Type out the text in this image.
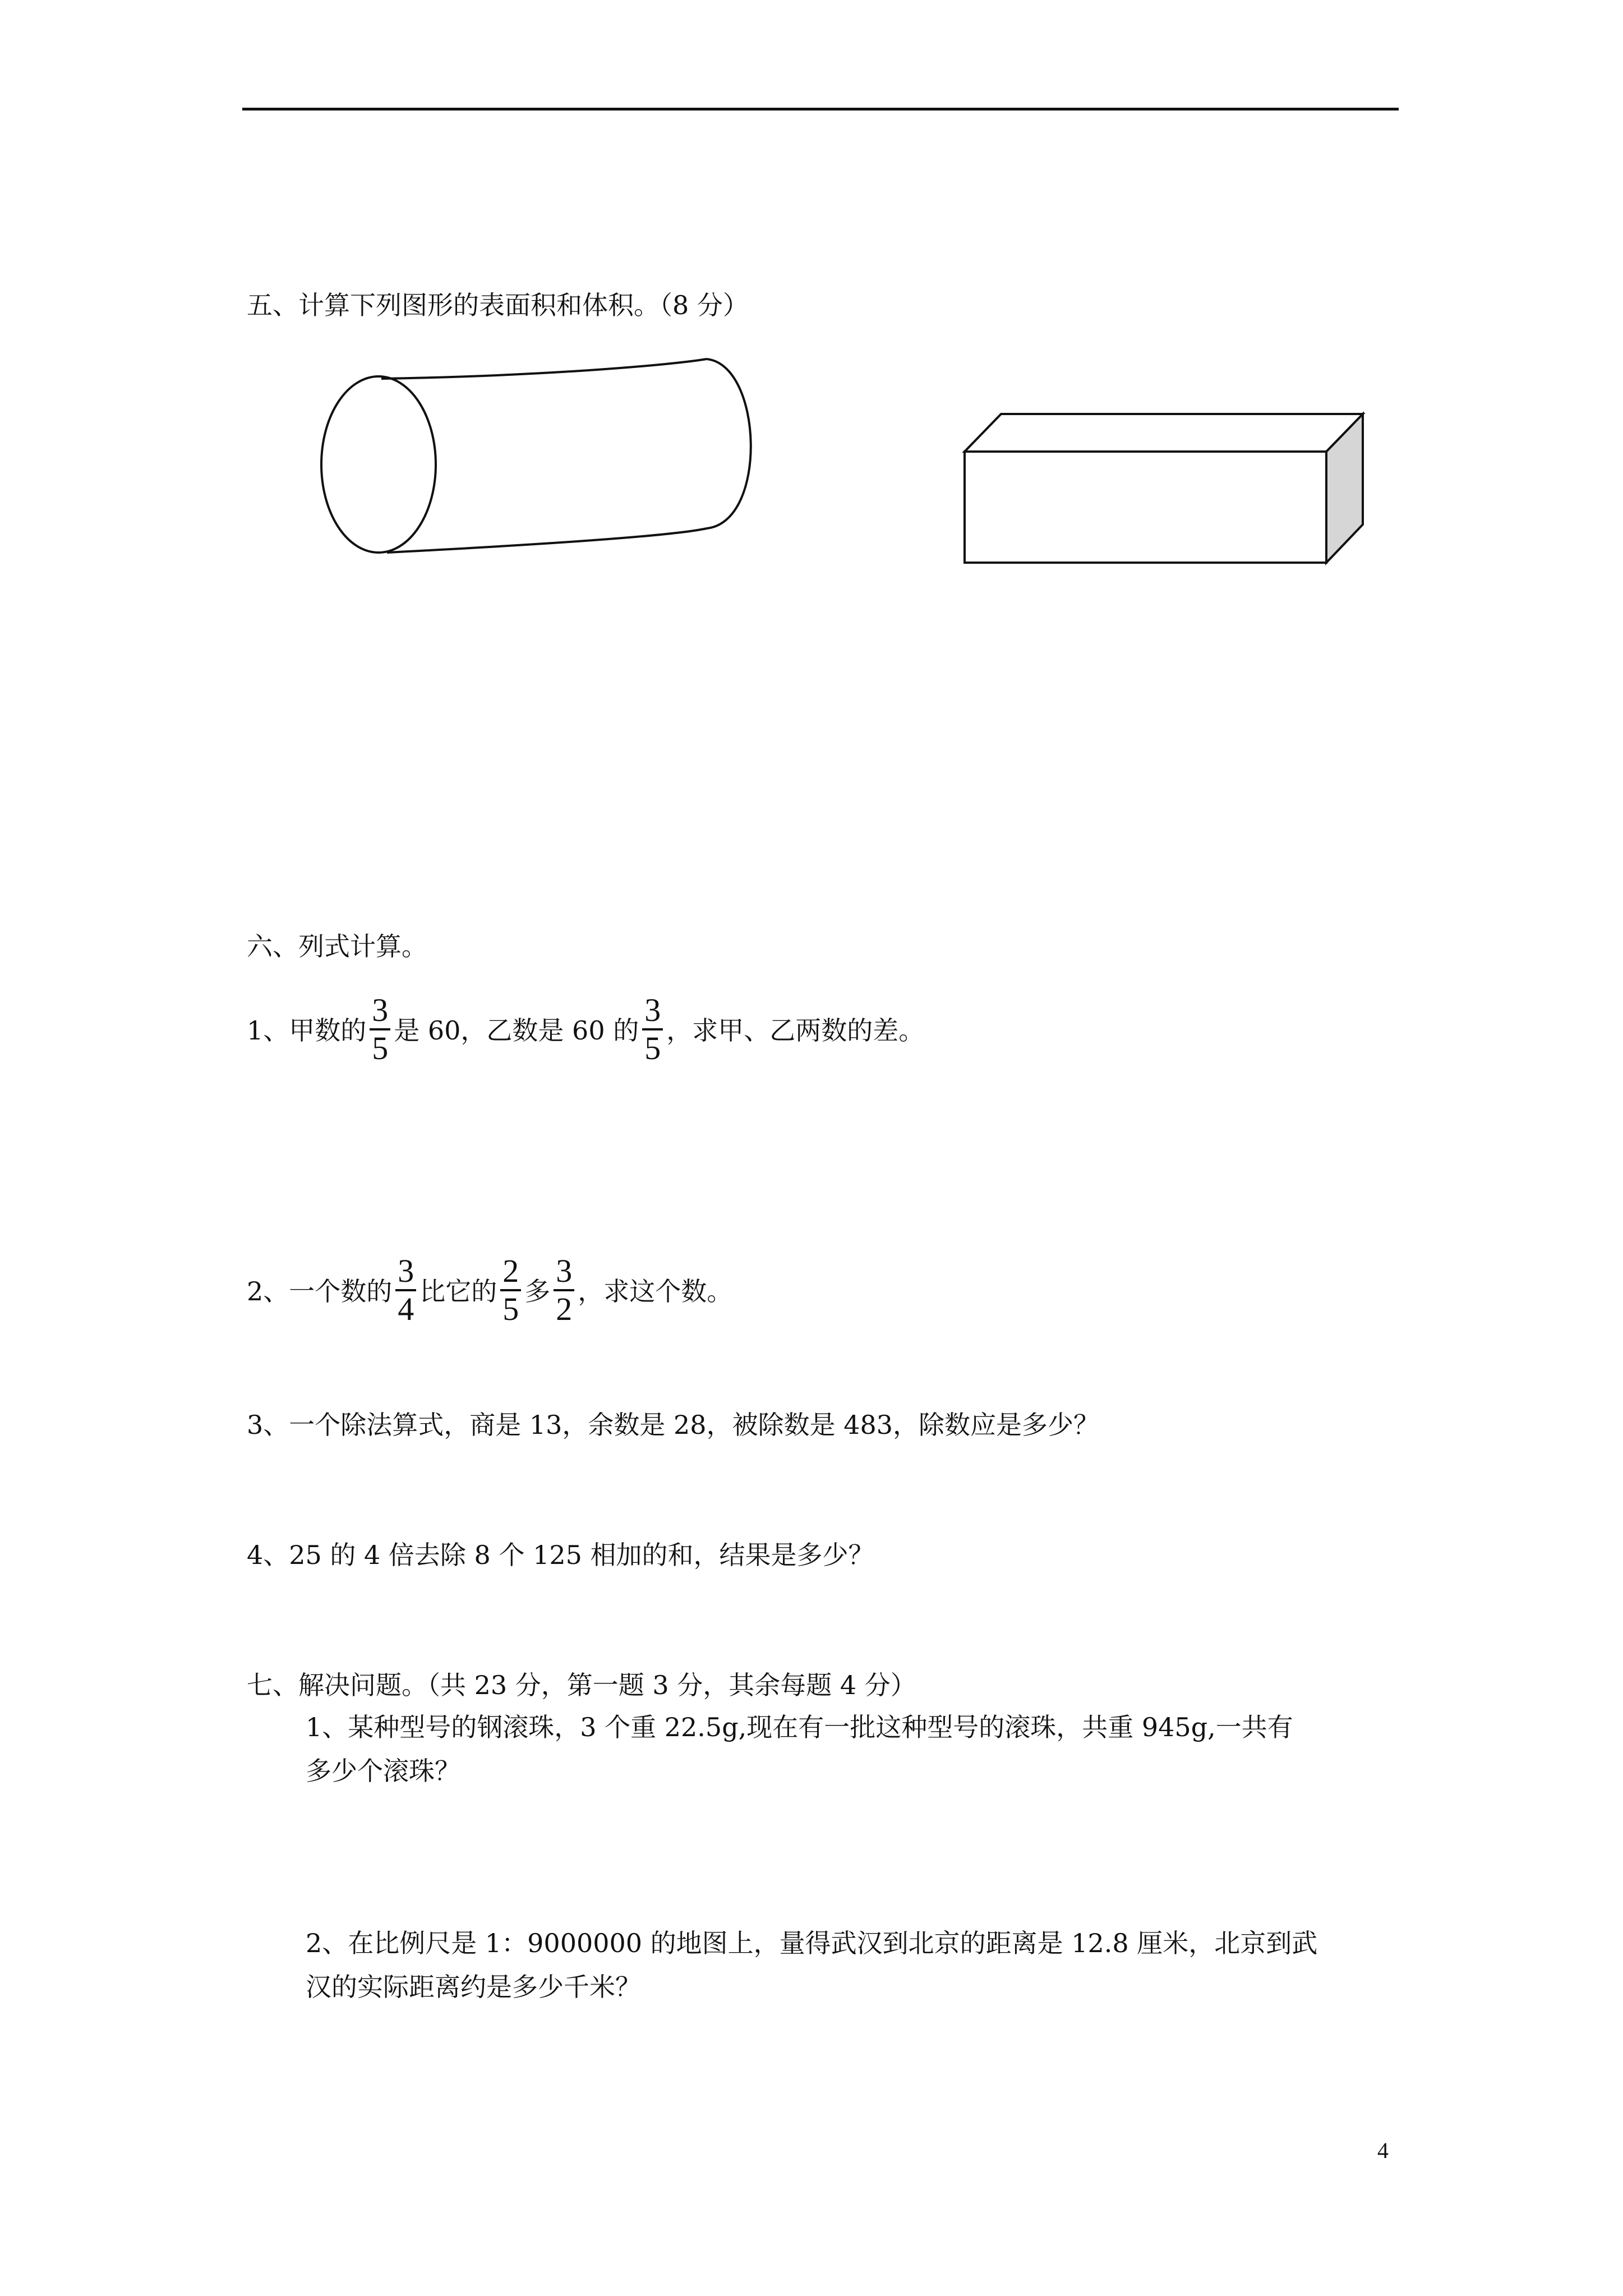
五、计算下列图形的表面积和体积。（8 分）
六、列式计算。
1、甲数的 $\frac{3}{5}$ 是 60，乙数是 60 的 $\frac{3}{5}$ ，求甲、乙两数的差。
2、一个数的 $\frac{3}{4}$ 比它的 $\frac{2}{5}$ 多 $\frac{3}{2}$ ，求这个数。
3、一个除法算式，商是 13，余数是 28，被除数是 483，除数应是多少？
4、25 的 4 倍去除 8 个 125 相加的和，结果是多少？
七、解决问题。（共 23 分，第一题 3 分，其余每题 4 分）
1、某种型号的钢滚珠，3 个重 22.5g,现在有一批这种型号的滚珠，共重 945g,一共有
多少个滚珠？
2、在比例尺是 1：9000000 的地图上，量得武汉到北京的距离是 12.8 厘米，北京到武
汉的实际距离约是多少千米？
4
